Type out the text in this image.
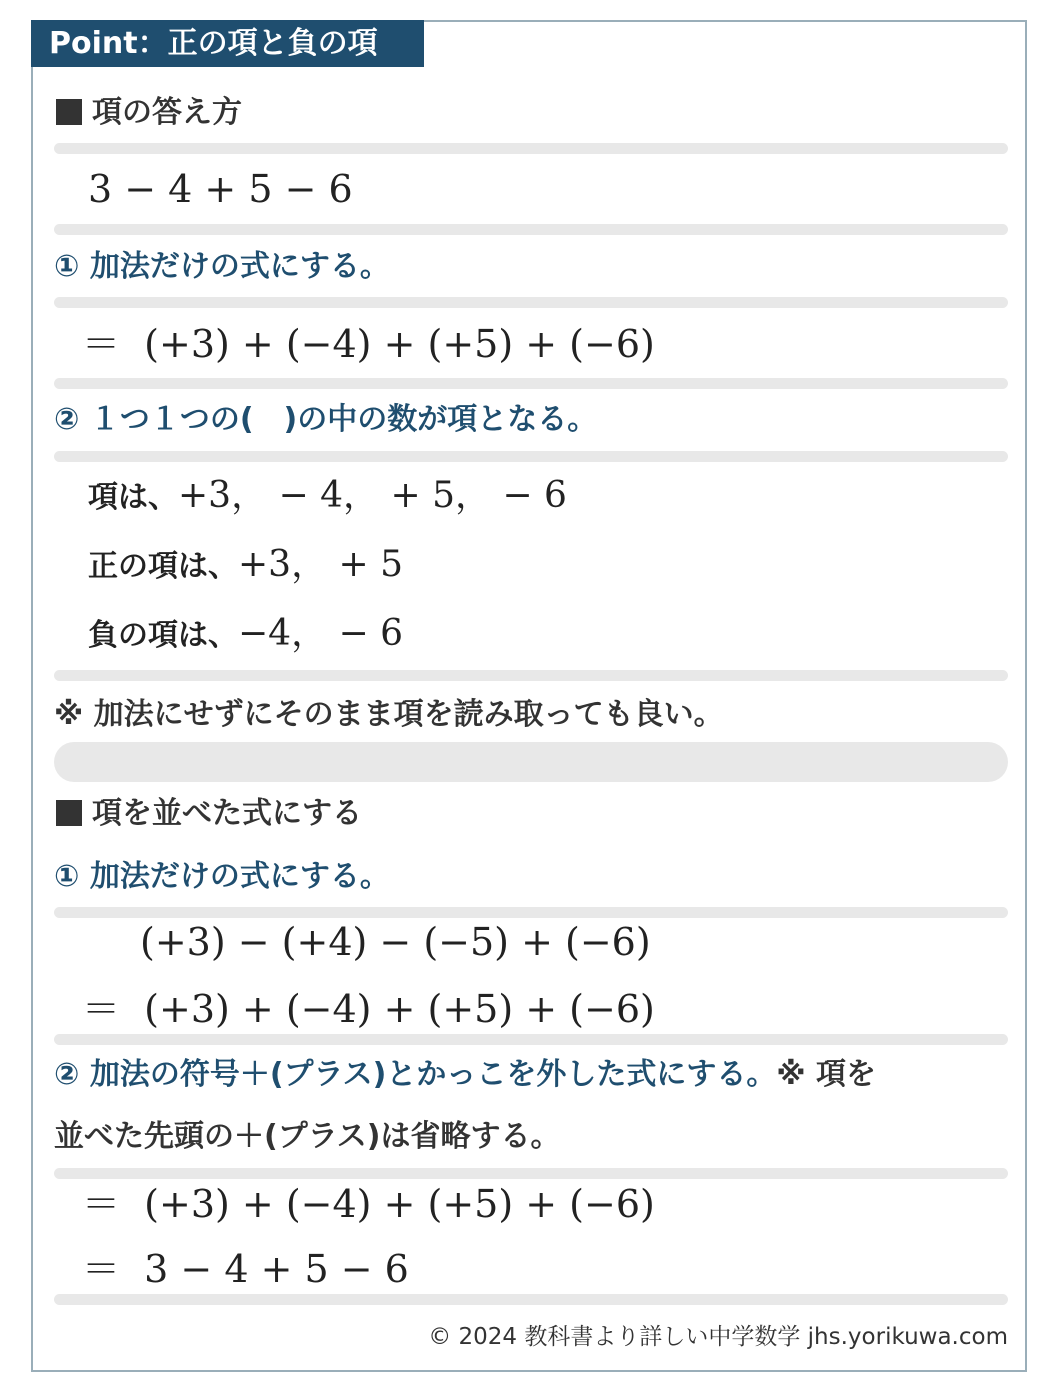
Point：正の項と負の項
項の答え方
3 − 4 + 5 − 6
① 加法だけの式にする。
＝  (+3) + (−4) + (+5) + (−6)
② １つ１つの(　)の中の数が項となる。
項は、+3， − 4， + 5， − 6
正の項は、+3， + 5
負の項は、−4， − 6
※ 加法にせずにそのまま項を読み取っても良い。
項を並べた式にする
① 加法だけの式にする。
(+3) − (+4) − (−5) + (−6)
＝  (+3) + (−4) + (+5) + (−6)
② 加法の符号＋(プラス)とかっこを外した式にする。※ 項を
並べた先頭の＋(プラス)は省略する。
＝  (+3) + (−4) + (+5) + (−6)
＝  3 − 4 + 5 − 6
© 2024 教科書より詳しい中学数学 jhs.yorikuwa.com
